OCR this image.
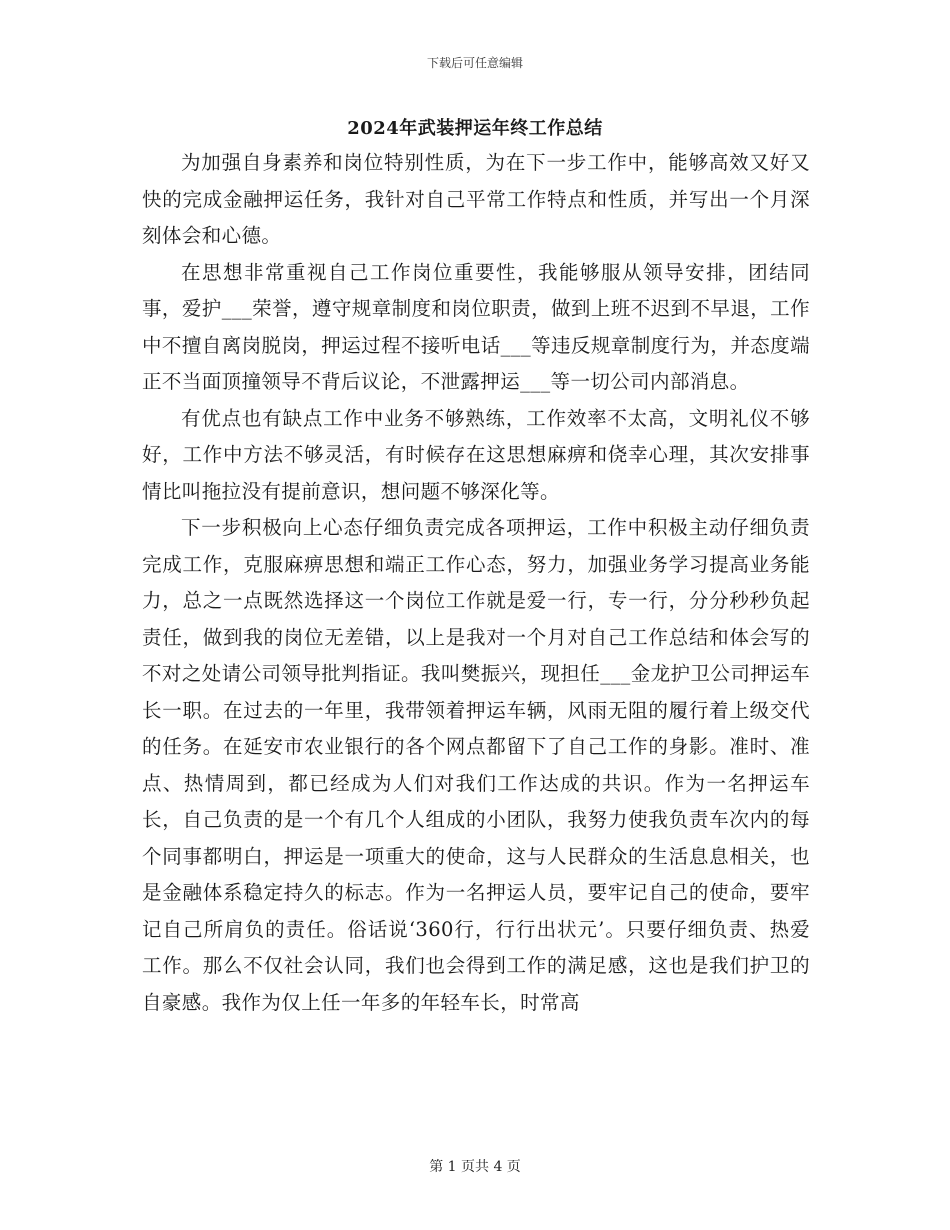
下载后可任意编辑
2024年武装押运年终工作总结

为加强自身素养和岗位特别性质，为在下一步工作中，能够高效又好又快的完成金融押运任务，我针对自己平常工作特点和性质，并写出一个月深刻体会和心德。

在思想非常重视自己工作岗位重要性，我能够服从领导安排，团结同事，爱护___荣誉，遵守规章制度和岗位职责，做到上班不迟到不早退，工作中不擅自离岗脱岗，押运过程不接听电话___等违反规章制度行为，并态度端正不当面顶撞领导不背后议论，不泄露押运___等一切公司内部消息。

有优点也有缺点工作中业务不够熟练，工作效率不太高，文明礼仪不够好，工作中方法不够灵活，有时候存在这思想麻痹和侥幸心理，其次安排事情比叫拖拉没有提前意识，想问题不够深化等。

下一步积极向上心态仔细负责完成各项押运，工作中积极主动仔细负责完成工作，克服麻痹思想和端正工作心态，努力，加强业务学习提高业务能力，总之一点既然选择这一个岗位工作就是爱一行，专一行，分分秒秒负起责任，做到我的岗位无差错，以上是我对一个月对自己工作总结和体会写的不对之处请公司领导批判指证。我叫樊振兴，现担任___金龙护卫公司押运车长一职。在过去的一年里，我带领着押运车辆，风雨无阻的履行着上级交代的任务。在延安市农业银行的各个网点都留下了自己工作的身影。准时、准点、热情周到，都已经成为人们对我们工作达成的共识。作为一名押运车长，自己负责的是一个有几个人组成的小团队，我努力使我负责车次内的每个同事都明白，押运是一项重大的使命，这与人民群众的生活息息相关，也是金融体系稳定持久的标志。作为一名押运人员，要牢记自己的使命，要牢记自己所肩负的责任。俗话说‘360行，行行出状元’。只要仔细负责、热爱工作。那么不仅社会认同，我们也会得到工作的满足感，这也是我们护卫的自豪感。我作为仅上任一年多的年轻车长，时常高

第 1 页共 4 页
